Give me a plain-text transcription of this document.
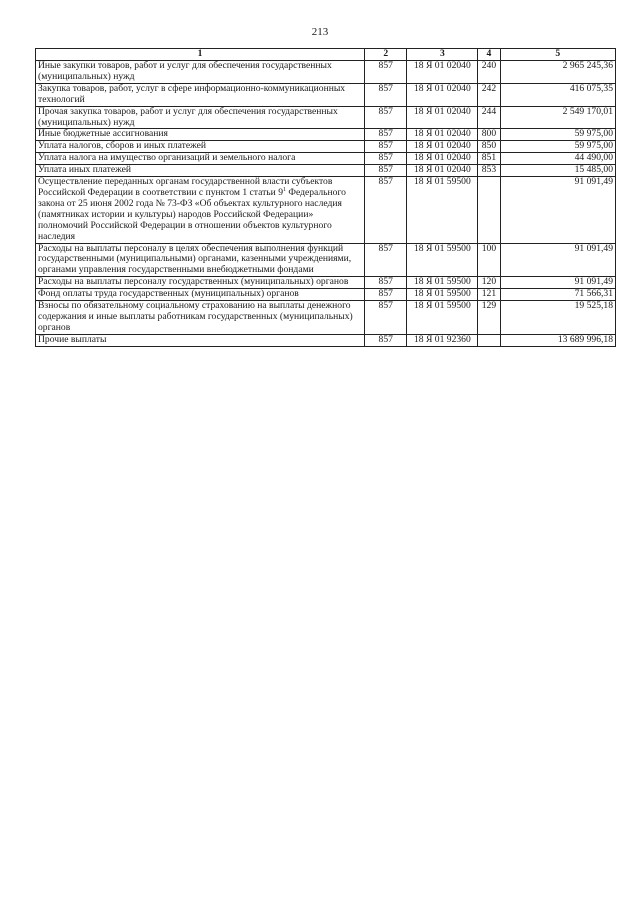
213
1	2	3	4	5
Иные закупки товаров, работ и услуг для обеспечения государственных (муниципальных) нужд	857	18 Я 01 02040	240	2 965 245,36
Закупка товаров, работ, услуг в сфере информационно-коммуникационных технологий	857	18 Я 01 02040	242	416 075,35
Прочая закупка товаров, работ и услуг для обеспечения государственных (муниципальных) нужд	857	18 Я 01 02040	244	2 549 170,01
Иные бюджетные ассигнования	857	18 Я 01 02040	800	59 975,00
Уплата налогов, сборов и иных платежей	857	18 Я 01 02040	850	59 975,00
Уплата налога на имущество организаций и земельного налога	857	18 Я 01 02040	851	44 490,00
Уплата иных платежей	857	18 Я 01 02040	853	15 485,00
Осуществление переданных органам государственной власти субъектов Российской Федерации в соответствии с пунктом 1 статьи $9^1$ Федерального закона от 25 июня 2002 года № 73-ФЗ «Об объектах культурного наследия (памятниках истории и культуры) народов Российской Федерации» полномочий Российской Федерации в отношении объектов культурного наследия	857	18 Я 01 59500		91 091,49
Расходы на выплаты персоналу в целях обеспечения выполнения функций государственными (муниципальными) органами, казенными учреждениями, органами управления государственными внебюджетными фондами	857	18 Я 01 59500	100	91 091,49
Расходы на выплаты персоналу государственных (муниципальных) органов	857	18 Я 01 59500	120	91 091,49
Фонд оплаты труда государственных (муниципальных) органов	857	18 Я 01 59500	121	71 566,31
Взносы по обязательному социальному страхованию на выплаты денежного содержания и иные выплаты работникам государственных (муниципальных) органов	857	18 Я 01 59500	129	19 525,18
Прочие выплаты	857	18 Я 01 92360		13 689 996,18
